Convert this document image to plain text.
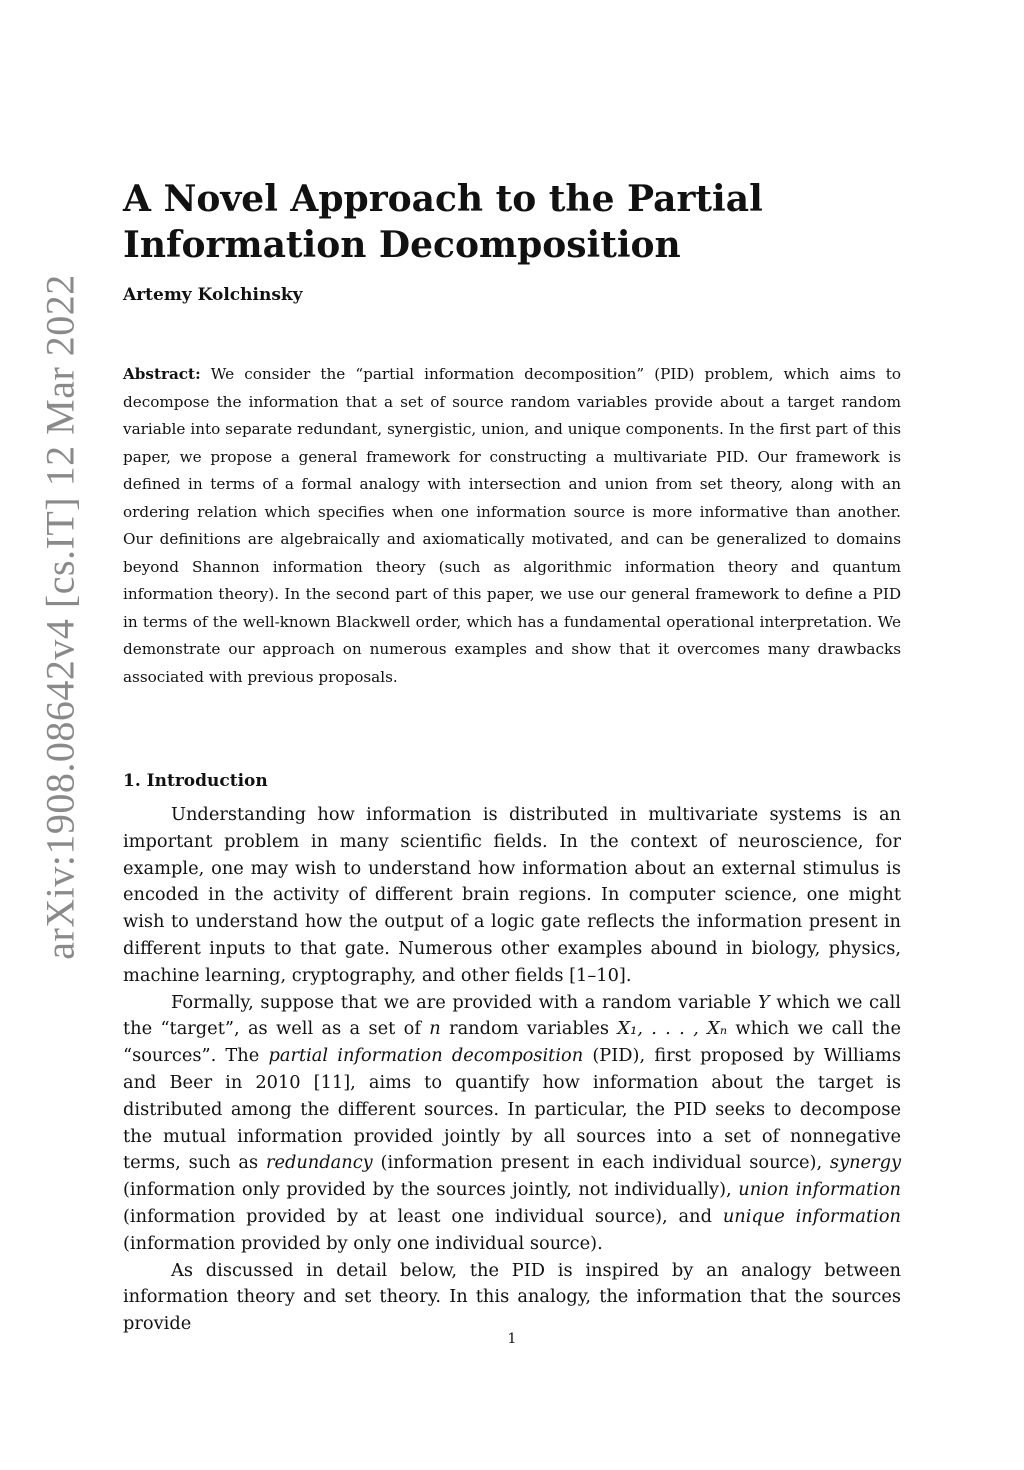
arXiv:1908.08642v4 [cs.IT] 12 Mar 2022
A Novel Approach to the Partial Information Decomposition
Artemy Kolchinsky

Abstract: We consider the “partial information decomposition” (PID) problem, which aims to decompose the information that a set of source random variables provide about a target random variable into separate redundant, synergistic, union, and unique components. In the first part of this paper, we propose a general framework for constructing a multivariate PID. Our framework is defined in terms of a formal analogy with intersection and union from set theory, along with an ordering relation which specifies when one information source is more informative than another. Our definitions are algebraically and axiomatically motivated, and can be generalized to domains beyond Shannon information theory (such as algorithmic information theory and quantum information theory). In the second part of this paper, we use our general framework to define a PID in terms of the well-known Blackwell order, which has a fundamental operational interpretation. We demonstrate our approach on numerous examples and show that it overcomes many drawbacks associated with previous proposals.

1. Introduction

Understanding how information is distributed in multivariate systems is an important problem in many scientific fields. In the context of neuroscience, for example, one may wish to understand how information about an external stimulus is encoded in the activity of different brain regions. In computer science, one might wish to understand how the output of a logic gate reflects the information present in different inputs to that gate. Numerous other examples abound in biology, physics, machine learning, cryptography, and other fields [1–10].

Formally, suppose that we are provided with a random variable Y which we call the “target”, as well as a set of n random variables X₁, . . . , Xₙ which we call the “sources”. The partial information decomposition (PID), first proposed by Williams and Beer in 2010 [11], aims to quantify how information about the target is distributed among the different sources. In particular, the PID seeks to decompose the mutual information provided jointly by all sources into a set of nonnegative terms, such as redundancy (information present in each individual source), synergy (information only provided by the sources jointly, not individually), union information (information provided by at least one individual source), and unique information (information provided by only one individual source).

As discussed in detail below, the PID is inspired by an analogy between information theory and set theory. In this analogy, the information that the sources provide

1
